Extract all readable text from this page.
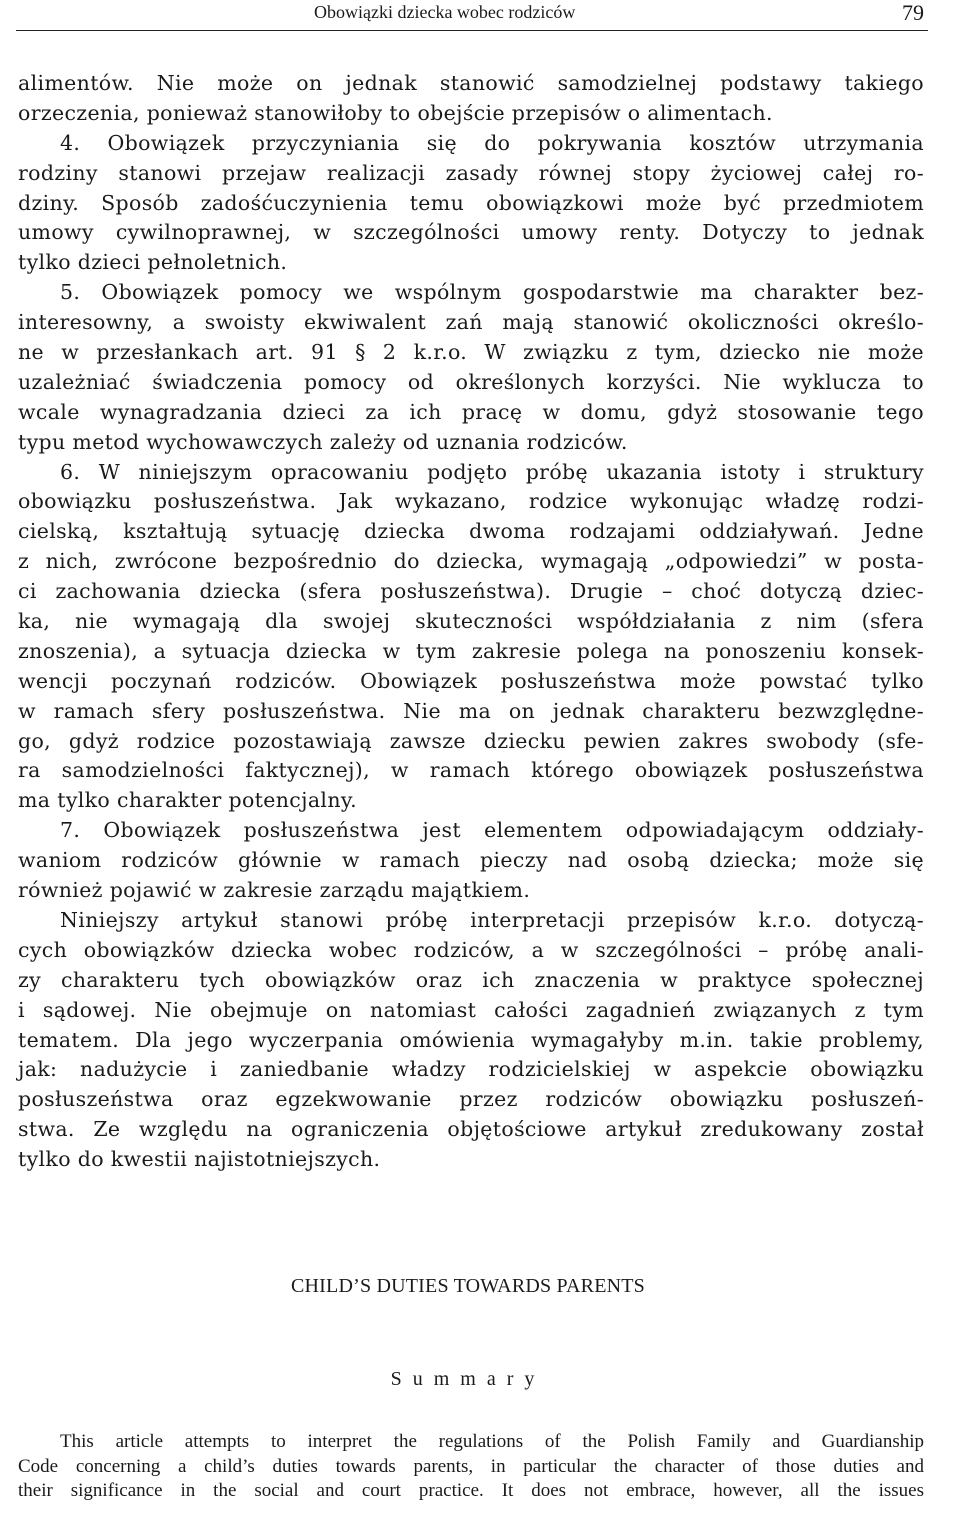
Obowiązki dziecka wobec rodziców	79
alimentów. Nie może on jednak stanowić samodzielnej podstawy takiego
orzeczenia, ponieważ stanowiłoby to obejście przepisów o alimentach.
4. Obowiązek przyczyniania się do pokrywania kosztów utrzymania
rodziny stanowi przejaw realizacji zasady równej stopy życiowej całej ro-
dziny. Sposób zadośćuczynienia temu obowiązkowi może być przedmiotem
umowy cywilnoprawnej, w szczególności umowy renty. Dotyczy to jednak
tylko dzieci pełnoletnich.
5. Obowiązek pomocy we wspólnym gospodarstwie ma charakter bez-
interesowny, a swoisty ekwiwalent zań mają stanowić okoliczności określo-
ne w przesłankach art. 91 § 2 k.r.o. W związku z tym, dziecko nie może
uzależniać świadczenia pomocy od określonych korzyści. Nie wyklucza to
wcale wynagradzania dzieci za ich pracę w domu, gdyż stosowanie tego
typu metod wychowawczych zależy od uznania rodziców.
6. W niniejszym opracowaniu podjęto próbę ukazania istoty i struktury
obowiązku posłuszeństwa. Jak wykazano, rodzice wykonując władzę rodzi-
cielską, kształtują sytuację dziecka dwoma rodzajami oddziaływań. Jedne
z nich, zwrócone bezpośrednio do dziecka, wymagają „odpowiedzi” w posta-
ci zachowania dziecka (sfera posłuszeństwa). Drugie – choć dotyczą dziec-
ka, nie wymagają dla swojej skuteczności współdziałania z nim (sfera
znoszenia), a sytuacja dziecka w tym zakresie polega na ponoszeniu konsek-
wencji poczynań rodziców. Obowiązek posłuszeństwa może powstać tylko
w ramach sfery posłuszeństwa. Nie ma on jednak charakteru bezwzględne-
go, gdyż rodzice pozostawiają zawsze dziecku pewien zakres swobody (sfe-
ra samodzielności faktycznej), w ramach którego obowiązek posłuszeństwa
ma tylko charakter potencjalny.
7. Obowiązek posłuszeństwa jest elementem odpowiadającym oddziały-
waniom rodziców głównie w ramach pieczy nad osobą dziecka; może się
również pojawić w zakresie zarządu majątkiem.
Niniejszy artykuł stanowi próbę interpretacji przepisów k.r.o. dotyczą-
cych obowiązków dziecka wobec rodziców, a w szczególności – próbę anali-
zy charakteru tych obowiązków oraz ich znaczenia w praktyce społecznej
i sądowej. Nie obejmuje on natomiast całości zagadnień związanych z tym
tematem. Dla jego wyczerpania omówienia wymagałyby m.in. takie problemy,
jak: nadużycie i zaniedbanie władzy rodzicielskiej w aspekcie obowiązku
posłuszeństwa oraz egzekwowanie przez rodziców obowiązku posłuszeń-
stwa. Ze względu na ograniczenia objętościowe artykuł zredukowany został
tylko do kwestii najistotniejszych.
CHILD’S DUTIES TOWARDS PARENTS
Summary
This article attempts to interpret the regulations of the Polish Family and Guardianship
Code concerning a child’s duties towards parents, in particular the character of those duties and
their significance in the social and court practice. It does not embrace, however, all the issues
